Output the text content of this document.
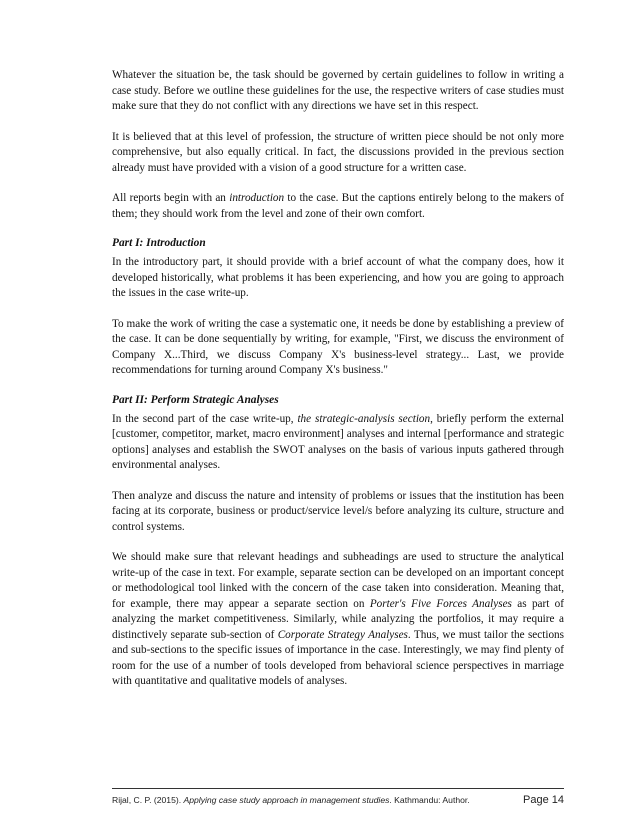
Whatever the situation be, the task should be governed by certain guidelines to follow in writing a case study. Before we outline these guidelines for the use, the respective writers of case studies must make sure that they do not conflict with any directions we have set in this respect.

It is believed that at this level of profession, the structure of written piece should be not only more comprehensive, but also equally critical. In fact, the discussions provided in the previous section already must have provided with a vision of a good structure for a written case.

All reports begin with an introduction to the case. But the captions entirely belong to the makers of them; they should work from the level and zone of their own comfort.

Part I: Introduction

In the introductory part, it should provide with a brief account of what the company does, how it developed historically, what problems it has been experiencing, and how you are going to approach the issues in the case write-up.

To make the work of writing the case a systematic one, it needs be done by establishing a preview of the case. It can be done sequentially by writing, for example, "First, we discuss the environment of Company X...Third, we discuss Company X's business-level strategy... Last, we provide recommendations for turning around Company X's business."

Part II: Perform Strategic Analyses

In the second part of the case write-up, the strategic-analysis section, briefly perform the external [customer, competitor, market, macro environment] analyses and internal [performance and strategic options] analyses and establish the SWOT analyses on the basis of various inputs gathered through environmental analyses.

Then analyze and discuss the nature and intensity of problems or issues that the institution has been facing at its corporate, business or product/service level/s before analyzing its culture, structure and control systems.

We should make sure that relevant headings and subheadings are used to structure the analytical write-up of the case in text. For example, separate section can be developed on an important concept or methodological tool linked with the concern of the case taken into consideration. Meaning that, for example, there may appear a separate section on Porter's Five Forces Analyses as part of analyzing the market competitiveness. Similarly, while analyzing the portfolios, it may require a distinctively separate sub-section of Corporate Strategy Analyses. Thus, we must tailor the sections and sub-sections to the specific issues of importance in the case. Interestingly, we may find plenty of room for the use of a number of tools developed from behavioral science perspectives in marriage with quantitative and qualitative models of analyses.

Rijal, C. P. (2015). Applying case study approach in management studies. Kathmandu: Author.	Page 14
